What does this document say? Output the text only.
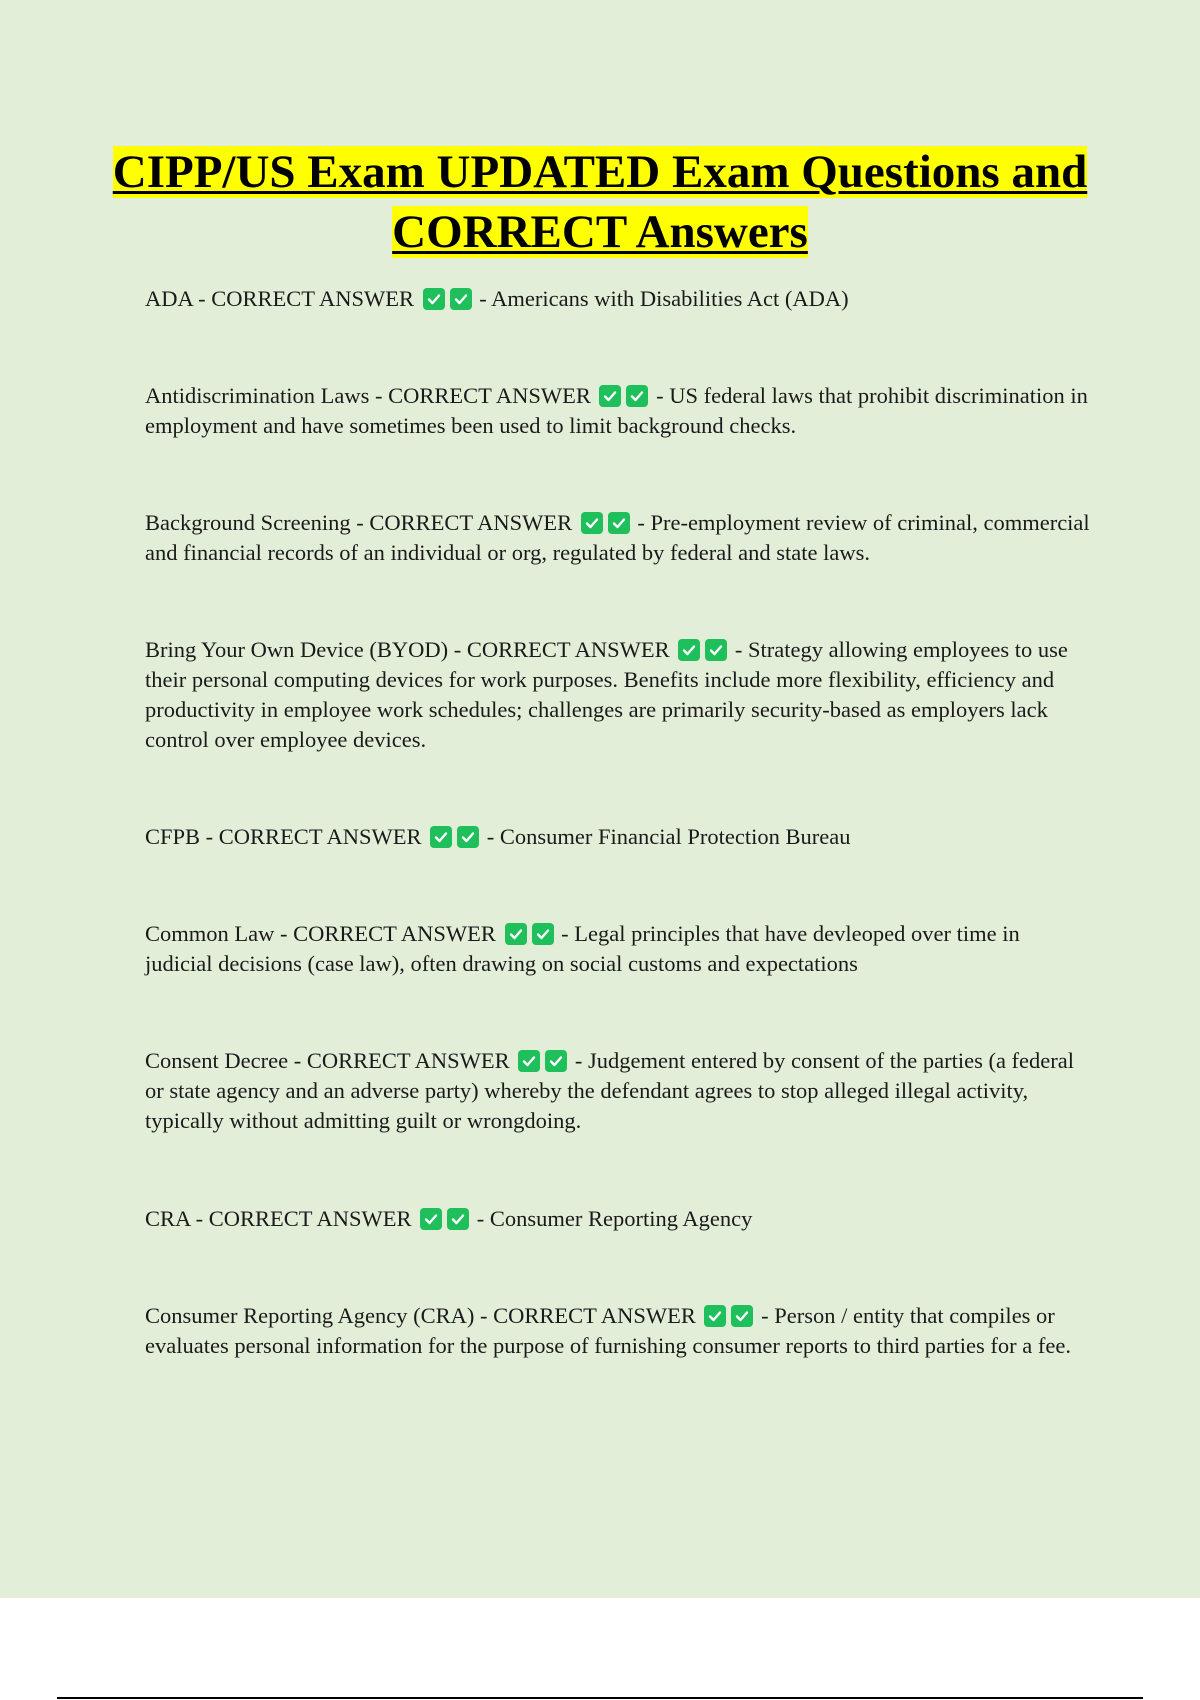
CIPP/US Exam UPDATED Exam Questions and CORRECT Answers
ADA - CORRECT ANSWER	- Americans with Disabilities Act (ADA)
Antidiscrimination Laws - CORRECT ANSWER	- US federal laws that prohibit discrimination in employment and have sometimes been used to limit background checks.
Background Screening - CORRECT ANSWER	- Pre-employment review of criminal, commercial and financial records of an individual or org, regulated by federal and state laws.
Bring Your Own Device (BYOD) - CORRECT ANSWER	- Strategy allowing employees to use their personal computing devices for work purposes. Benefits include more flexibility, efficiency and productivity in employee work schedules; challenges are primarily security-based as employers lack control over employee devices.
CFPB - CORRECT ANSWER	- Consumer Financial Protection Bureau
Common Law - CORRECT ANSWER	- Legal principles that have devleoped over time in judicial decisions (case law), often drawing on social customs and expectations
Consent Decree - CORRECT ANSWER	- Judgement entered by consent of the parties (a federal or state agency and an adverse party) whereby the defendant agrees to stop alleged illegal activity, typically without admitting guilt or wrongdoing.
CRA - CORRECT ANSWER	- Consumer Reporting Agency
Consumer Reporting Agency (CRA) - CORRECT ANSWER	- Person / entity that compiles or evaluates personal information for the purpose of furnishing consumer reports to third parties for a fee.
